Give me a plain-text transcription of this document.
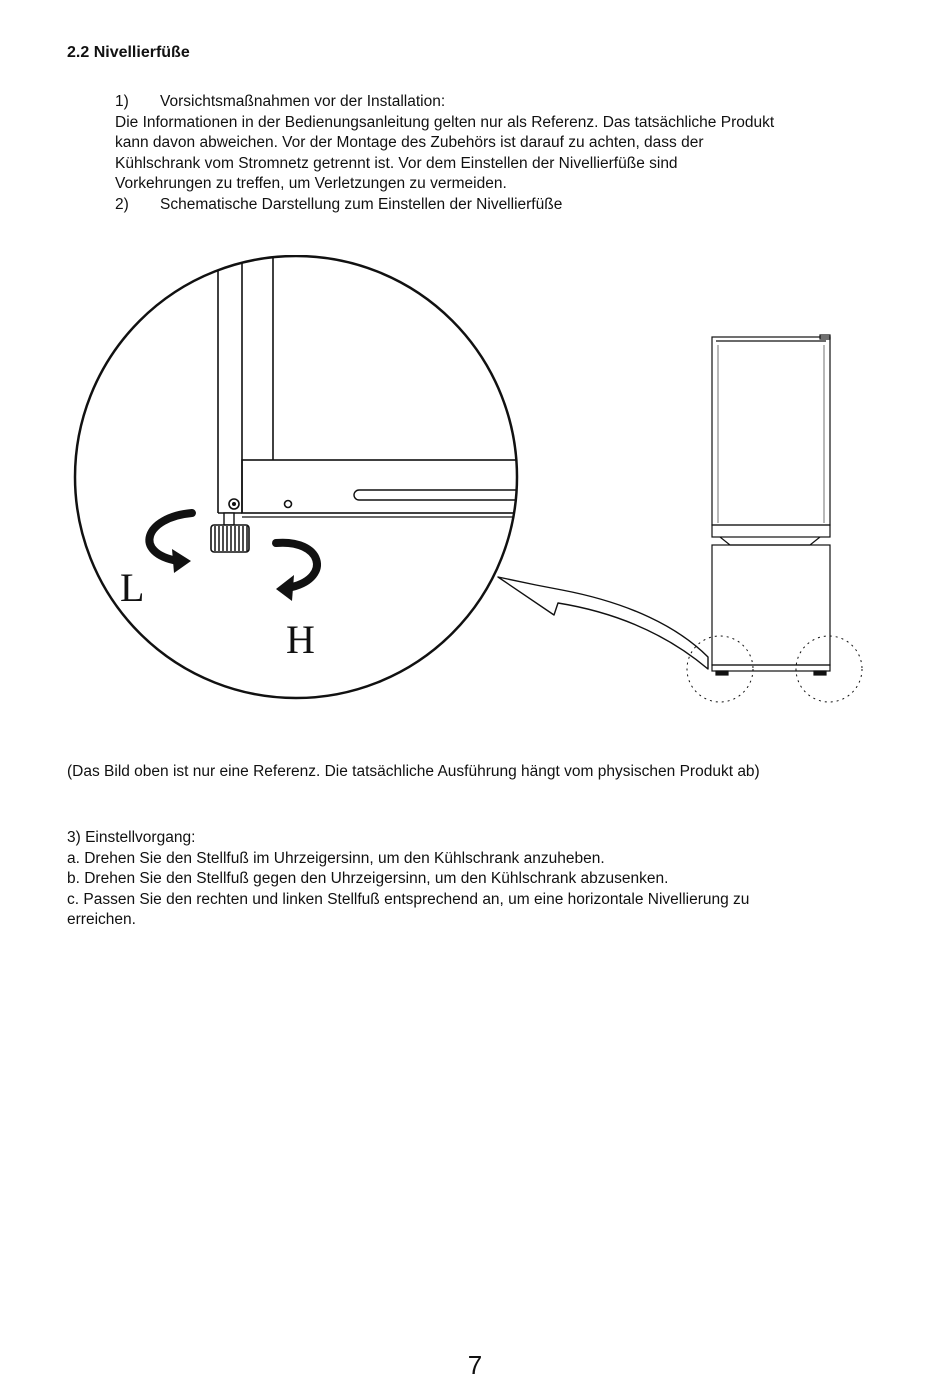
2.2 Nivellierfüße
1)	Vorsichtsmaßnahmen vor der Installation:
Die Informationen in der Bedienungsanleitung gelten nur als Referenz. Das tatsächliche Produkt
kann davon abweichen. Vor der Montage des Zubehörs ist darauf zu achten, dass der
Kühlschrank vom Stromnetz getrennt ist. Vor dem Einstellen der Nivellierfüße sind
Vorkehrungen zu treffen, um Verletzungen zu vermeiden.
2)	Schematische Darstellung zum Einstellen der Nivellierfüße
L
H
(Das Bild oben ist nur eine Referenz. Die tatsächliche Ausführung hängt vom physischen Produkt ab)
3) Einstellvorgang:
a. Drehen Sie den Stellfuß im Uhrzeigersinn, um den Kühlschrank anzuheben.
b. Drehen Sie den Stellfuß gegen den Uhrzeigersinn, um den Kühlschrank abzusenken.
c. Passen Sie den rechten und linken Stellfuß entsprechend an, um eine horizontale Nivellierung zu
erreichen.
7
